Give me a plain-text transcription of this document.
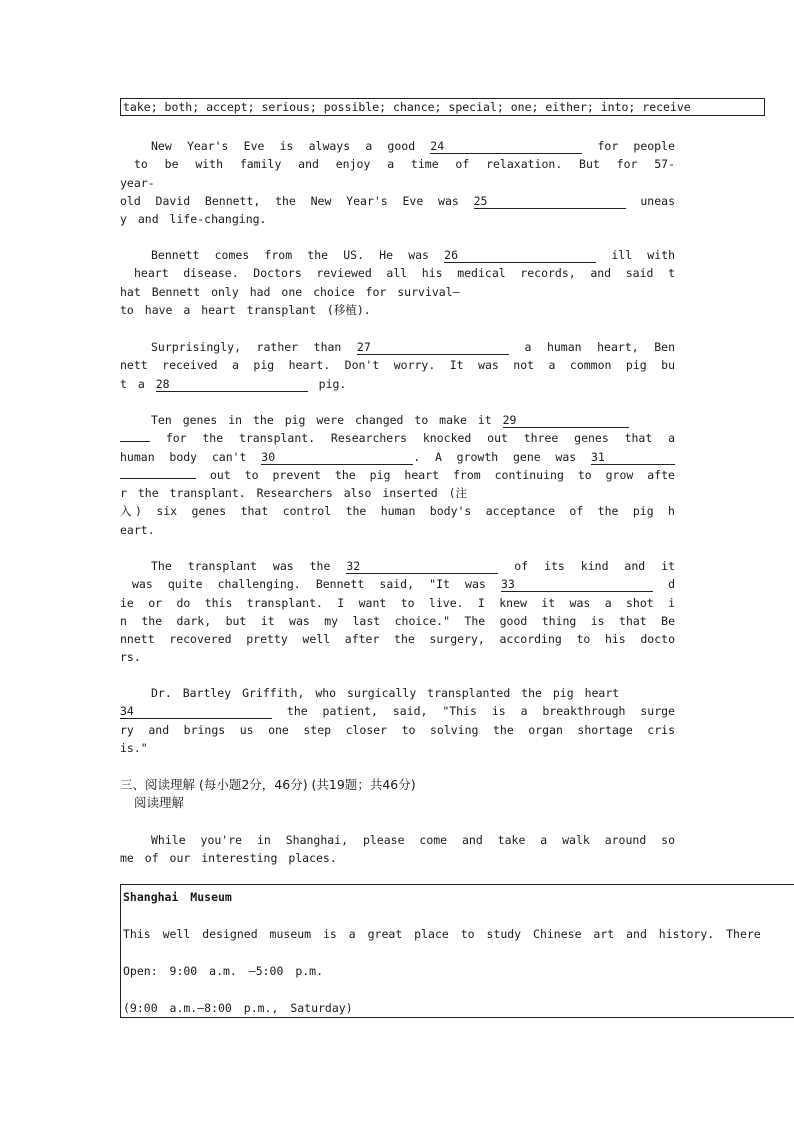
take; both; accept; serious; possible; chance; special; one; either; into; receive
New Year's Eve is always a good 24	for people
to be with family and enjoy a time of relaxation. But for 57-
year-
old David Bennett, the New Year's Eve was 25	uneas
y and life-changing.
Bennett comes from the US. He was 26	ill with
heart disease. Doctors reviewed all his medical records, and said t
hat Bennett only had one choice for survival—
to have a heart transplant (移植).
Surprisingly, rather than 27	a human heart, Ben
nett received a pig heart. Don't worry. It was not a common pig bu
t a 28	pig.
Ten genes in the pig were changed to make it 29
for the transplant. Researchers knocked out three genes that a
human body can't 30	. A growth gene was 31
out to prevent the pig heart from continuing to grow afte
r the transplant. Researchers also inserted (注
入) six genes that control the human body's acceptance of the pig h
eart.
The transplant was the 32	of its kind and it
was quite challenging. Bennett said, "It was 33	d
ie or do this transplant. I want to live. I knew it was a shot i
n the dark, but it was my last choice." The good thing is that Be
nnett recovered pretty well after the surgery, according to his docto
rs.
Dr. Bartley Griffith, who surgically transplanted the pig heart
34	the patient, said, "This is a breakthrough surge
ry and brings us one step closer to solving the organ shortage cris
is."
三、阅读理解 (每小题2分，46分) (共19题；共46分)
阅读理解
While you're in Shanghai, please come and take a walk around so
me of our interesting places.
Shanghai Museum
This well designed museum is a great place to study Chinese art and history. There
Open: 9:00 a.m. —5:00 p.m.
(9:00 a.m.—8:00 p.m., Saturday)
